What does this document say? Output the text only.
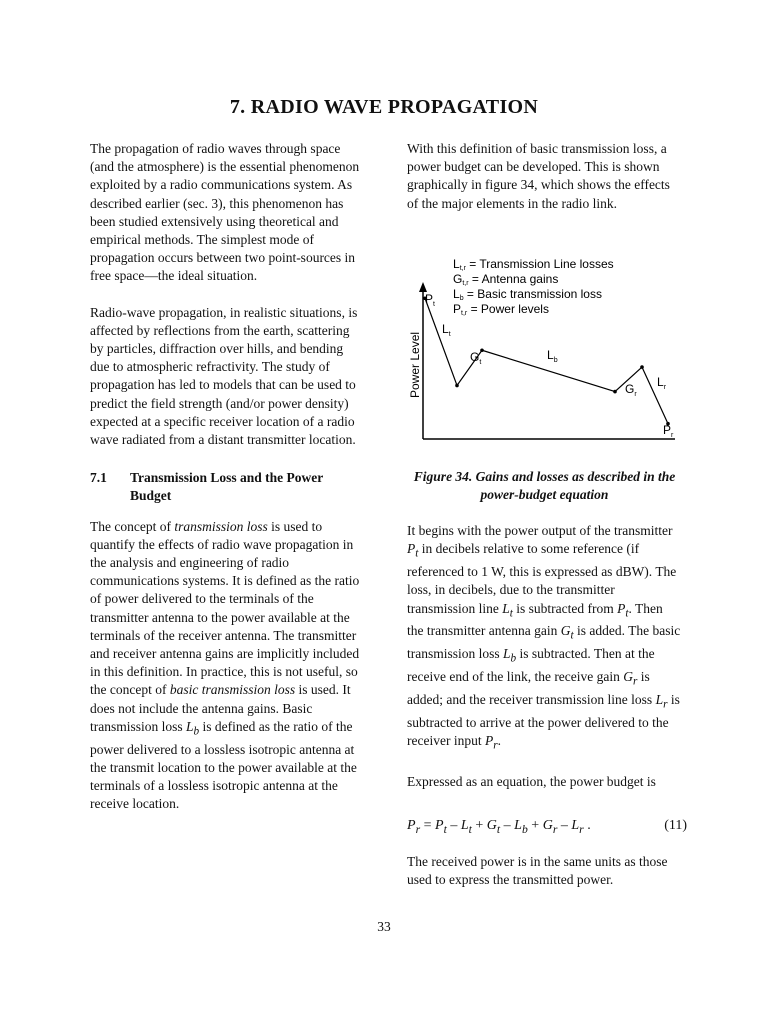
7. RADIO WAVE PROPAGATION

The propagation of radio waves through space (and the atmosphere) is the essential phenomenon exploited by a radio communications system. As described earlier (sec. 3), this phenomenon has been studied extensively using theoretical and empirical methods. The simplest mode of propagation occurs between two point-sources in free space—the ideal situation.

Radio-wave propagation, in realistic situations, is affected by reflections from the earth, scattering by particles, diffraction over hills, and bending due to atmospheric refractivity. The study of propagation has led to models that can be used to predict the field strength (and/or power density) expected at a specific receiver location of a radio wave radiated from a distant transmitter location.

7.1	Transmission Loss and the Power Budget

The concept of transmission loss is used to quantify the effects of radio wave propagation in the analysis and engineering of radio communications systems. It is defined as the ratio of power delivered to the terminals of the transmitter antenna to the power available at the terminals of the receiver antenna. The transmitter and receiver antenna gains are implicitly included in this definition. In practice, this is not useful, so the concept of basic transmission loss is used. It does not include the antenna gains. Basic transmission loss $L_b$ is defined as the ratio of the power delivered to a lossless isotropic antenna at the transmit location to the power available at the terminals of a lossless isotropic antenna at the receive location.

With this definition of basic transmission loss, a power budget can be developed. This is shown graphically in figure 34, which shows the effects of the major elements in the radio link.

Lt,r = Transmission Line losses
Gt,r = Antenna gains
Lb = Basic transmission loss
Pt,r = Power levels
Power Level
$P_t$
$L_t$
$G_t$
$L_b$
$G_r$
$L_r$
$P_r$
Figure 34. Gains and losses as described in the power-budget equation

It begins with the power output of the transmitter $P_t$ in decibels relative to some reference (if referenced to 1 W, this is expressed as dBW). The loss, in decibels, due to the transmitter transmission line $L_t$ is subtracted from $P_t$. Then the transmitter antenna gain $G_t$ is added. The basic transmission loss $L_b$ is subtracted. Then at the receive end of the link, the receive gain $G_r$ is added; and the receiver transmission line loss $L_r$ is subtracted to arrive at the power delivered to the receiver input $P_r$.

Expressed as an equation, the power budget is

$P_r = P_t - L_t + G_t - L_b + G_r - L_r$ .	(11)

The received power is in the same units as those used to express the transmitted power.

33
